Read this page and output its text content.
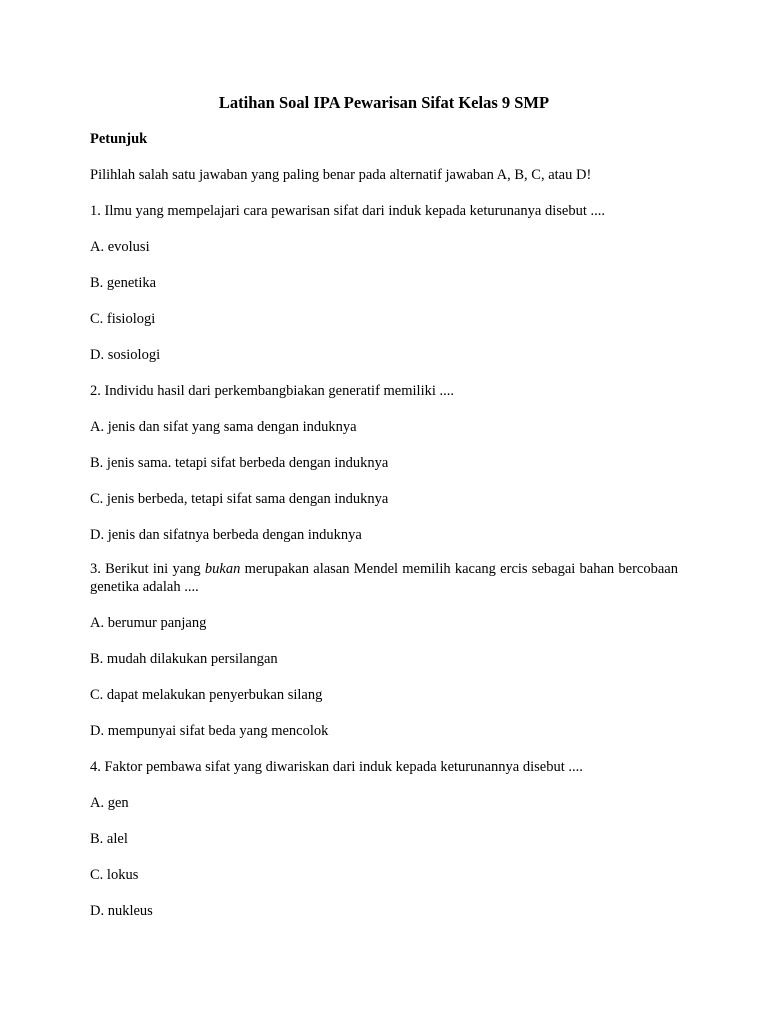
Latihan Soal IPA Pewarisan Sifat Kelas 9 SMP
Petunjuk

Pilihlah salah satu jawaban yang paling benar pada alternatif jawaban A, B, C, atau D!

1. Ilmu yang mempelajari cara pewarisan sifat dari induk kepada keturunanya disebut ....

A. evolusi

B. genetika

C. fisiologi

D. sosiologi

2. Individu hasil dari perkembangbiakan generatif memiliki ....

A. jenis dan sifat yang sama dengan induknya

B. jenis sama. tetapi sifat berbeda dengan induknya

C. jenis berbeda, tetapi sifat sama dengan induknya

D. jenis dan sifatnya berbeda dengan induknya

3. Berikut ini yang bukan merupakan alasan Mendel memilih kacang ercis sebagai bahan bercobaan genetika adalah ....

A. berumur panjang

B. mudah dilakukan persilangan

C. dapat melakukan penyerbukan silang

D. mempunyai sifat beda yang mencolok

4. Faktor pembawa sifat yang diwariskan dari induk kepada keturunannya disebut ....

A. gen

B. alel

C. lokus

D. nukleus
